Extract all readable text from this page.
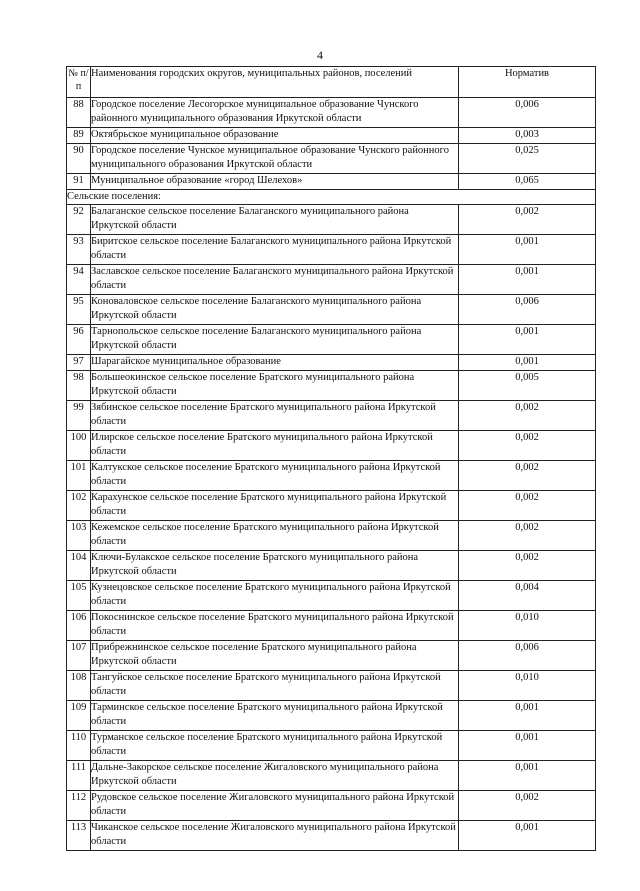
4
№ п/п	Наименования городских округов, муниципальных районов, поселений	Норматив
88	Городское поселение Лесогорское муниципальное образование Чунского районного муниципального образования Иркутской области	0,006
89	Октябрьское муниципальное образование	0,003
90	Городское поселение Чунское муниципальное образование Чунского районного муниципального образования Иркутской области	0,025
91	Муниципальное образование «город Шелехов»	0,065
Сельские поселения:		
92	Балаганское сельское поселение Балаганского муниципального района Иркутской области	0,002
93	Биритское сельское поселение Балаганского муниципального района Иркутской области	0,001
94	Заславское сельское поселение Балаганского муниципального района Иркутской области	0,001
95	Коноваловское сельское поселение Балаганского муниципального района Иркутской области	0,006
96	Тарнопольское сельское поселение Балаганского муниципального района Иркутской области	0,001
97	Шарагайское муниципальное образование	0,001
98	Большеокинское сельское поселение Братского муниципального района Иркутской области	0,005
99	Зябинское сельское поселение Братского муниципального района Иркутской области	0,002
100	Илирское сельское поселение Братского муниципального района Иркутской области	0,002
101	Калтукское сельское поселение Братского муниципального района Иркутской области	0,002
102	Карахунское сельское поселение Братского муниципального района Иркутской области	0,002
103	Кежемское сельское поселение Братского муниципального района Иркутской области	0,002
104	Ключи-Булакское сельское поселение Братского муниципального района Иркутской области	0,002
105	Кузнецовское сельское поселение Братского муниципального района Иркутской области	0,004
106	Покоснинское сельское поселение Братского муниципального района Иркутской области	0,010
107	Прибрежнинское сельское поселение Братского муниципального района Иркутской области	0,006
108	Тангуйское сельское поселение Братского муниципального района Иркутской области	0,010
109	Тарминское сельское поселение Братского муниципального района Иркутской области	0,001
110	Турманское сельское поселение Братского муниципального района Иркутской области	0,001
111	Дальне-Закорское сельское поселение Жигаловского муниципального района Иркутской области	0,001
112	Рудовское сельское поселение Жигаловского муниципального района Иркутской области	0,002
113	Чиканское сельское поселение Жигаловского муниципального района Иркутской области	0,001
